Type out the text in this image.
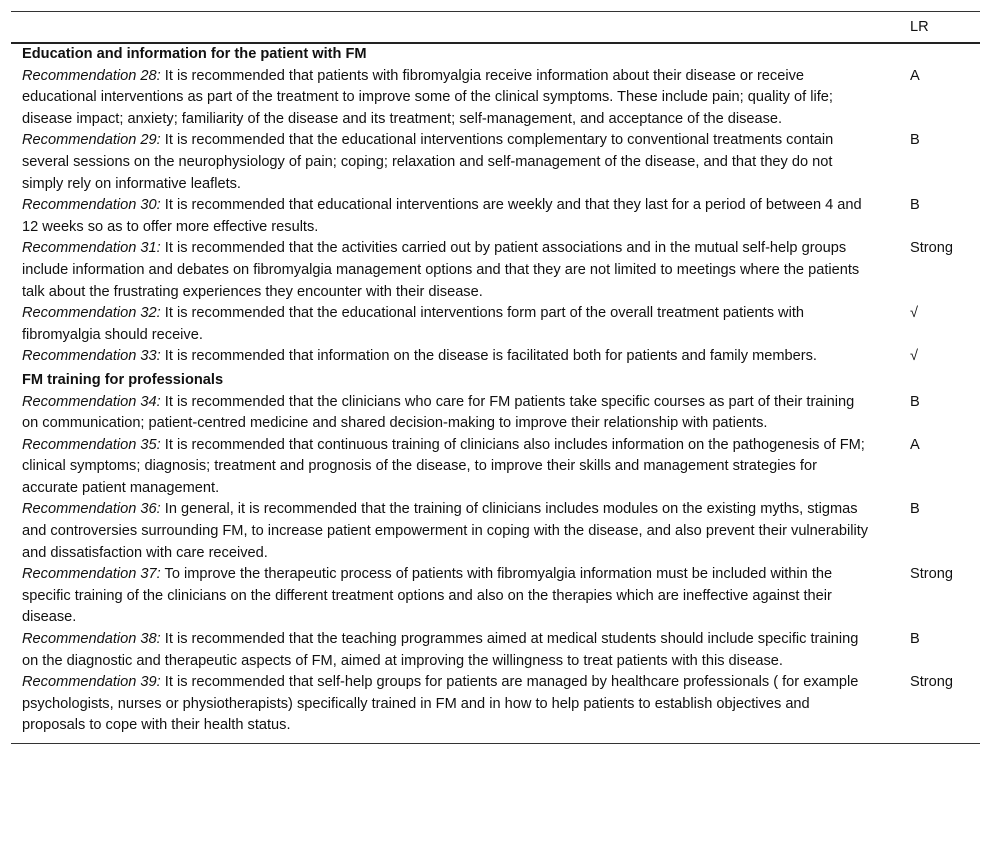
	LR
Education and information for the patient with FM	
Recommendation 28: It is recommended that patients with fibromyalgia receive information about their disease or receive educational interventions as part of the treatment to improve some of the clinical symptoms. These include pain; quality of life; disease impact; anxiety; familiarity of the disease and its treatment; self-management, and acceptance of the disease.	A
Recommendation 29: It is recommended that the educational interventions complementary to conventional treatments contain several sessions on the neurophysiology of pain; coping; relaxation and self-management of the disease, and that they do not simply rely on informative leaflets.	B
Recommendation 30: It is recommended that educational interventions are weekly and that they last for a period of between 4 and 12 weeks so as to offer more effective results.	B
Recommendation 31: It is recommended that the activities carried out by patient associations and in the mutual self-help groups include information and debates on fibromyalgia management options and that they are not limited to meetings where the patients talk about the frustrating experiences they encounter with their disease.	Strong
Recommendation 32: It is recommended that the educational interventions form part of the overall treatment patients with fibromyalgia should receive.	√
Recommendation 33: It is recommended that information on the disease is facilitated both for patients and family members.	√
FM training for professionals	
Recommendation 34: It is recommended that the clinicians who care for FM patients take specific courses as part of their training on communication; patient-centred medicine and shared decision-making to improve their relationship with patients.	B
Recommendation 35: It is recommended that continuous training of clinicians also includes information on the pathogenesis of FM; clinical symptoms; diagnosis; treatment and prognosis of the disease, to improve their skills and management strategies for accurate patient management.	A
Recommendation 36: In general, it is recommended that the training of clinicians includes modules on the existing myths, stigmas and controversies surrounding FM, to increase patient empowerment in coping with the disease, and also prevent their vulnerability and dissatisfaction with care received.	B
Recommendation 37: To improve the therapeutic process of patients with fibromyalgia information must be included within the specific training of the clinicians on the different treatment options and also on the therapies which are ineffective against their disease.	Strong
Recommendation 38: It is recommended that the teaching programmes aimed at medical students should include specific training on the diagnostic and therapeutic aspects of FM, aimed at improving the willingness to treat patients with this disease.	B
Recommendation 39: It is recommended that self-help groups for patients are managed by healthcare professionals ( for example psychologists, nurses or physiotherapists) specifically trained in FM and in how to help patients to establish objectives and proposals to cope with their health status.	Strong
